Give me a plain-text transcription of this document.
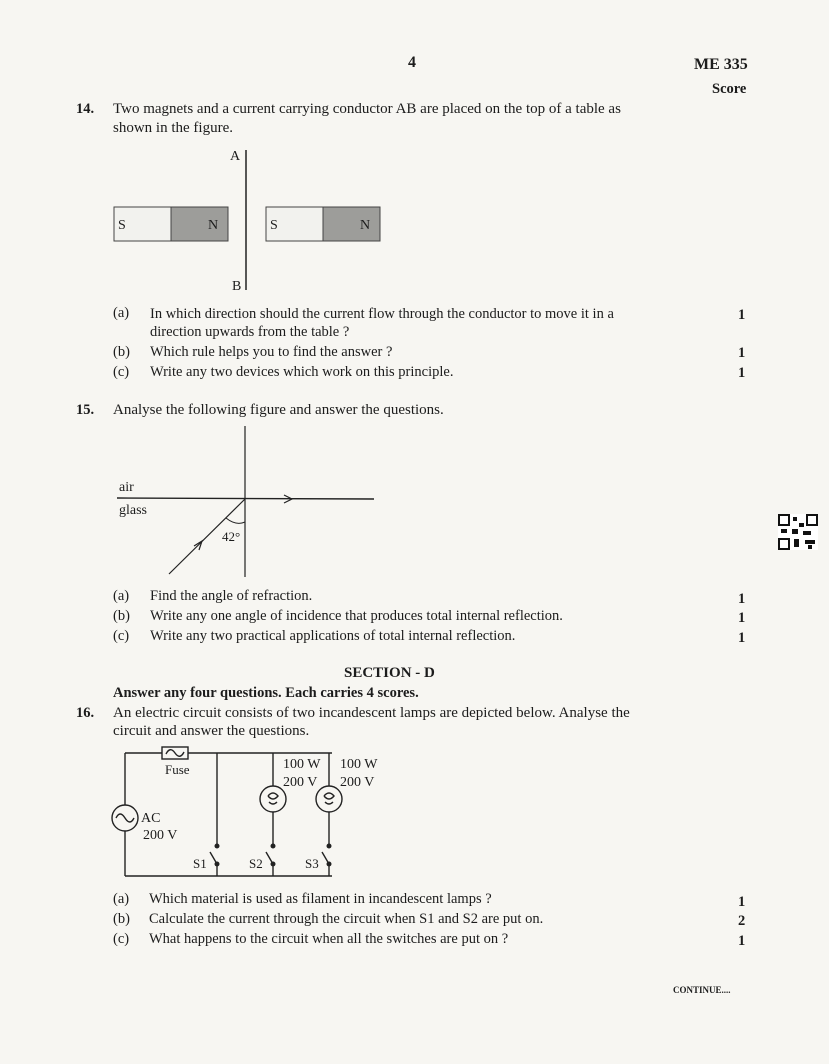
4	ME 335
Score
14. Two magnets and a current carrying conductor AB are placed on the top of a table as
shown in the figure.
A
B
S	N	S	N
(a) In which direction should the current flow through the conductor to move it in a
direction upwards from the table ?
1
(b) Which rule helps you to find the answer ?	1
(c) Write any two devices which work on this principle.	1
15. Analyse the following figure and answer the questions.
air
glass
42°
(a) Find the angle of refraction.	1
(b) Write any one angle of incidence that produces total internal reflection.	1
(c) Write any two practical applications of total internal reflection.	1
SECTION - D
Answer any four questions. Each carries 4 scores.
16. An electric circuit consists of two incandescent lamps are depicted below. Analyse the
circuit and answer the questions.
Fuse
AC
200 V
100 W
200 V
100 W
200 V
S1	S2	S3
(a) Which material is used as filament in incandescent lamps ?	1
(b) Calculate the current through the circuit when S1 and S2 are put on.	2
(c) What happens to the circuit when all the switches are put on ?	1
CONTINUE....
